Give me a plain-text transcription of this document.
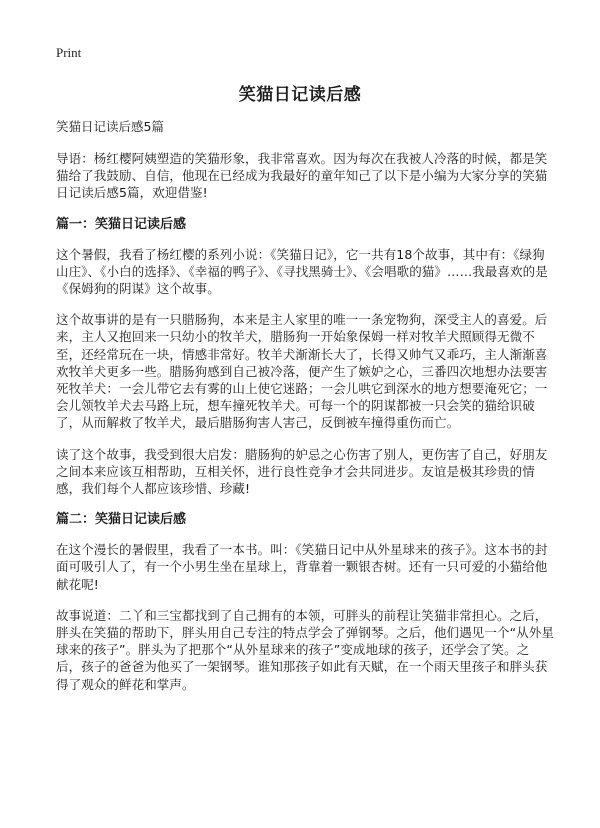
Print
笑猫日记读后感
笑猫日记读后感5篇

导语：杨红樱阿姨塑造的笑猫形象，我非常喜欢。因为每次在我被人冷落的时候，都是笑猫给了我鼓励、自信，他现在已经成为我最好的童年知己了以下是小编为大家分享的笑猫日记读后感5篇，欢迎借鉴!

篇一：笑猫日记读后感

这个暑假，我看了杨红樱的系列小说：《笑猫日记》，它一共有18个故事，其中有：《绿狗山庄》、《小白的选择》、《幸福的鸭子》、《寻找黑骑士》、《会唱歌的猫》……我最喜欢的是《保姆狗的阴谋》这个故事。

这个故事讲的是有一只腊肠狗，本来是主人家里的唯一一条宠物狗，深受主人的喜爱。后来，主人又抱回来一只幼小的牧羊犬，腊肠狗一开始象保姆一样对牧羊犬照顾得无微不至，还经常玩在一块，情感非常好。牧羊犬渐渐长大了，长得又帅气又乖巧，主人渐渐喜欢牧羊犬更多一些。腊肠狗感到自己被冷落，便产生了嫉妒之心，三番四次地想办法要害死牧羊犬：一会儿带它去有雾的山上使它迷路；一会儿哄它到深水的地方想要淹死它；一会儿领牧羊犬去马路上玩，想车撞死牧羊犬。可每一个的阴谋都被一只会笑的猫给识破了，从而解救了牧羊犬，最后腊肠狗害人害己，反倒被车撞得重伤而亡。

读了这个故事，我受到很大启发：腊肠狗的妒忌之心伤害了别人，更伤害了自己，好朋友之间本来应该互相帮助，互相关怀，进行良性竞争才会共同进步。友谊是极其珍贵的情感，我们每个人都应该珍惜、珍藏!

篇二：笑猫日记读后感

在这个漫长的暑假里，我看了一本书。叫：《笑猫日记中从外星球来的孩子》。这本书的封面可吸引人了，有一个小男生坐在星球上，背靠着一颗银杏树。还有一只可爱的小猫给他献花呢!

故事说道：二丫和三宝都找到了自己拥有的本领，可胖头的前程让笑猫非常担心。之后，胖头在笑猫的帮助下，胖头用自己专注的特点学会了弹钢琴。之后，他们遇见一个“从外星球来的孩子”。胖头为了把那个“从外星球来的孩子”变成地球的孩子，还学会了笑。之后，孩子的爸爸为他买了一架钢琴。谁知那孩子如此有天赋，在一个雨天里孩子和胖头获得了观众的鲜花和掌声。
